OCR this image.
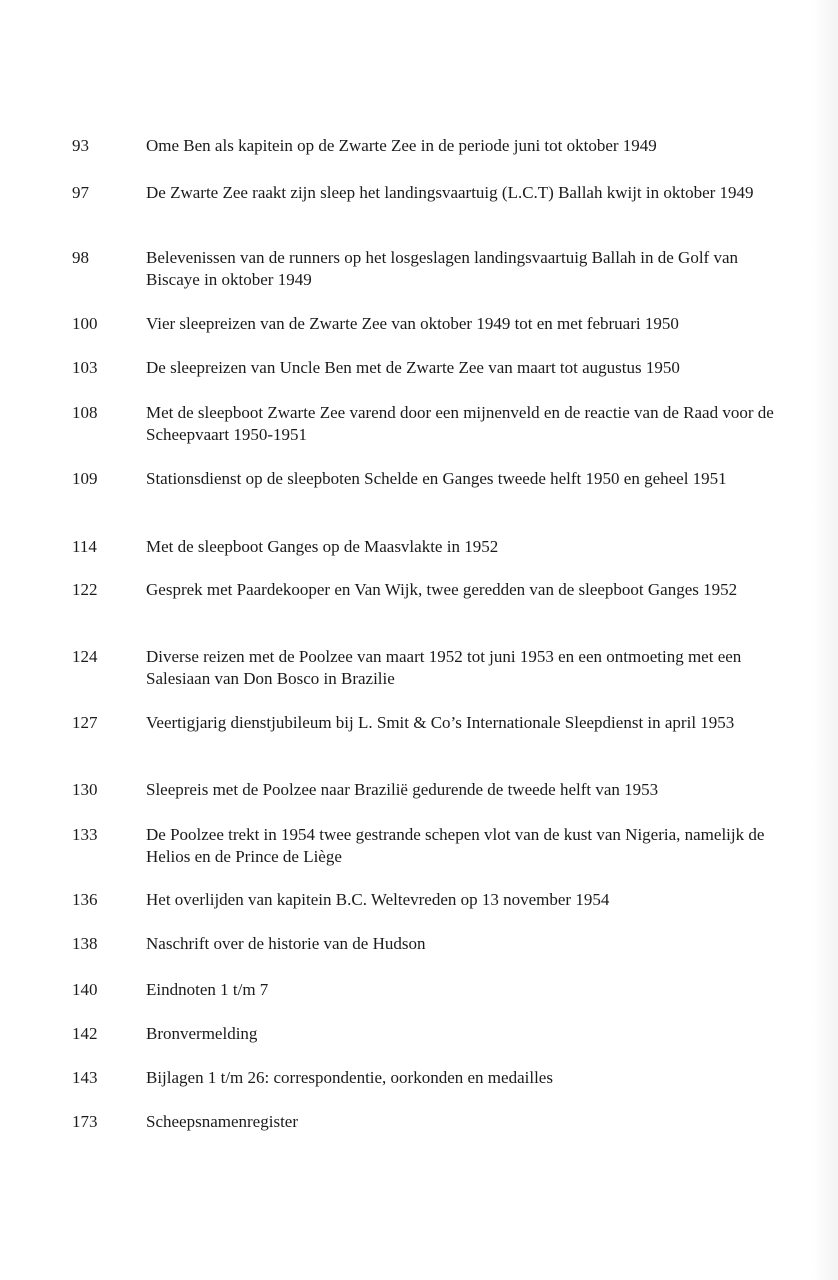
93	Ome Ben als kapitein op de Zwarte Zee in de periode juni tot oktober 1949
97	De Zwarte Zee raakt zijn sleep het landingsvaartuig (L.C.T) Ballah kwijt in oktober 1949
98	Belevenissen van de runners op het losgeslagen landingsvaartuig Ballah in de Golf van Biscaye in oktober 1949
100	Vier sleepreizen van de Zwarte Zee van oktober 1949 tot en met februari 1950
103	De sleepreizen van Uncle Ben met de Zwarte Zee van maart tot augustus 1950
108	Met de sleepboot Zwarte Zee varend door een mijnenveld en de reactie van de Raad voor de Scheepvaart 1950-1951
109	Stationsdienst op de sleepboten Schelde en Ganges tweede helft 1950 en geheel 1951
114	Met de sleepboot Ganges op de Maasvlakte in 1952
122	Gesprek met Paardekooper en Van Wijk, twee geredden van de sleepboot Ganges 1952
124	Diverse reizen met de Poolzee van maart 1952 tot juni 1953 en een ontmoeting met een Salesiaan van Don Bosco in Brazilie
127	Veertigjarig dienstjubileum bij L. Smit & Co’s Internationale Sleepdienst in april 1953
130	Sleepreis met de Poolzee naar Brazilië gedurende de tweede helft van 1953
133	De Poolzee trekt in 1954 twee gestrande schepen vlot van de kust van Nigeria, namelijk de Helios en de Prince de Liège
136	Het overlijden van kapitein B.C. Weltevreden op 13 november 1954
138	Naschrift over de historie van de Hudson
140	Eindnoten 1 t/m 7
142	Bronvermelding
143	Bijlagen 1 t/m 26: correspondentie, oorkonden en medailles
173	Scheepsnamenregister
